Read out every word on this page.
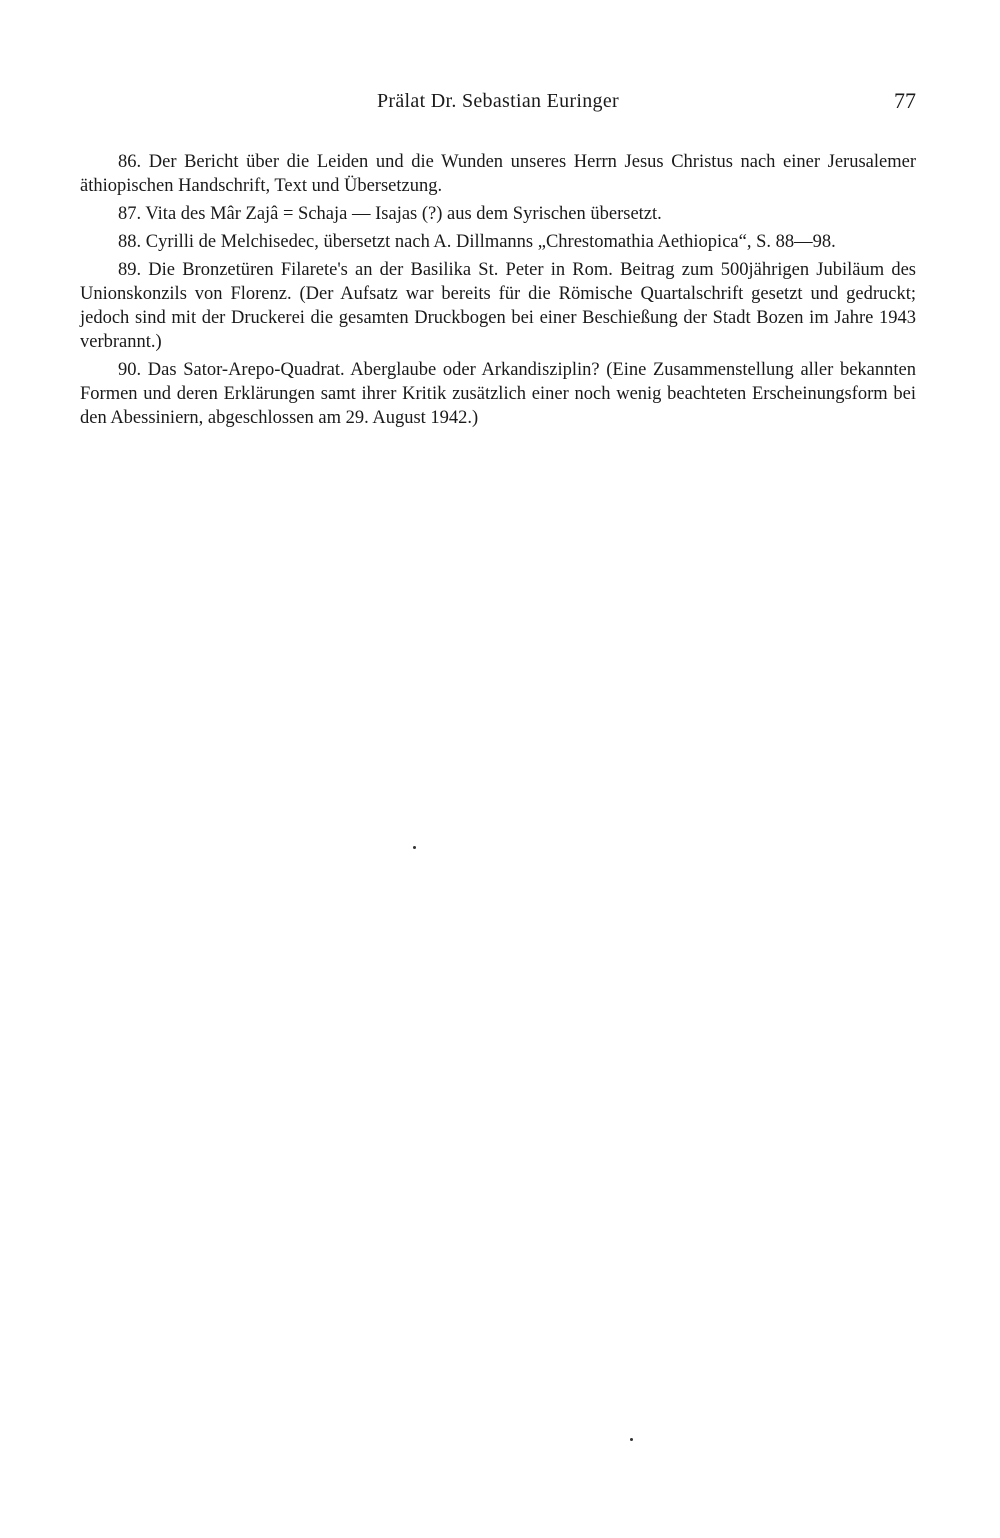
Prälat Dr. Sebastian Euringer	77

86. Der Bericht über die Leiden und die Wunden unseres Herrn Jesus Christus nach einer Jerusalemer äthiopischen Handschrift, Text und Übersetzung.

87. Vita des Mâr Zajâ = Schaja — Isajas (?) aus dem Syrischen übersetzt.

88. Cyrilli de Melchisedec, übersetzt nach A. Dillmanns „Chrestomathia Aethiopica“, S. 88—98.

89. Die Bronzetüren Filarete's an der Basilika St. Peter in Rom. Beitrag zum 500jährigen Jubiläum des Unionskonzils von Florenz. (Der Aufsatz war bereits für die Römische Quartalschrift gesetzt und gedruckt; jedoch sind mit der Druckerei die gesamten Druckbogen bei einer Beschießung der Stadt Bozen im Jahre 1943 verbrannt.)

90. Das Sator-Arepo-Quadrat. Aberglaube oder Arkandisziplin? (Eine Zusammenstellung aller bekannten Formen und deren Erklärungen samt ihrer Kritik zusätzlich einer noch wenig beachteten Erscheinungsform bei den Abessiniern, abgeschlossen am 29. August 1942.)
